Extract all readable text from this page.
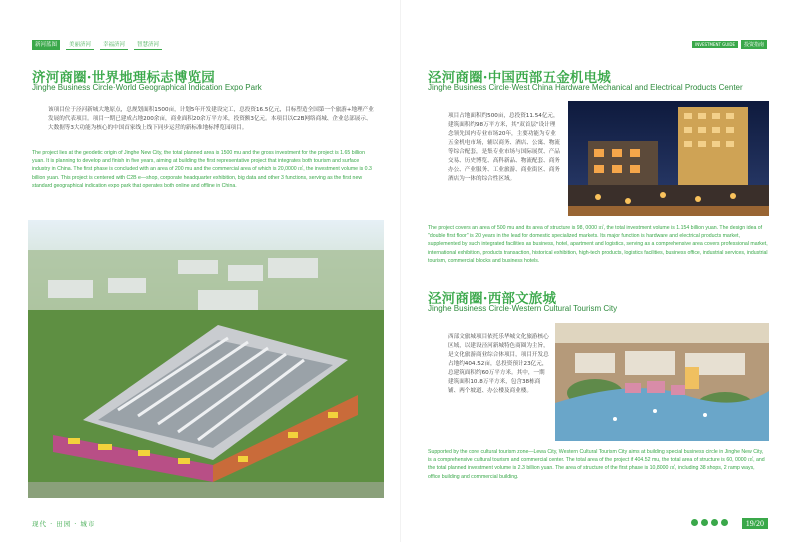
新河蓝图	美丽济河	幸福济河	智慧济河	INVESTMENT GUIDE	投资指南
济河商圈·世界地理标志博览园
Jinghe Business Circle·World Geographical Indication Expo Park
该项目位于泾河新城大地原点，总规划面积1500亩，计划5年开发建设完工，总投资16.5亿元，目标塑造全国第一个旅游+地理产业发展的代表项目。项目一期已建成占地200余亩，商业面积20余万平方米，投资额3亿元。本项目以C2B网络商城、企业总部展示、大数据等3大功能为核心的中国首家线上线下同步运营的新标准地标博览园项目。
The project lies at the geodetic origin of Jinghe New City, the total planned area is 1500 mu and the gross investment for the project is 1.65 billion yuan. It is planning to develop and finish in five years, aiming at building the first representative project that integrates both tourism and surface industry in China. The first phase is concluded with an area of 200 mu and the commercial area of which is 20,0000 ㎡, the investment volume is 0.3 billion yuan. This project is centered with C2B e—shop, corporate headquarter exhibition, big data and other 3 functions, serving as the first new standard geographical indication expo park that operates both online and offline in China.
泾河商圈·中国西部五金机电城
Jinghe Business Circle·West China Hardware Mechanical and Electrical Products Center
项目占地面积约500亩，总投资11.54亿元，建筑面积约98万平方米，其"双首层"设计理念领先国内专业市场20年，主要功能为专业五金机电市场，辅以商务、酒店、公寓、物流等综合配套，是集专业市场与国际展贸、产品交易、历史博览、高科新品、物流配套、商务办公、产业服务、工业旅游、商业街区、商务酒店为一体的综合性区域。
The project covers an area of 500 mu and its area of structure is 98, 0000 ㎡, the total investment volume is 1.154 billion yuan. The design idea of "double first floor" is 20 years in the lead for domestic specialized markets. Its major function is hardware and electrical products market, supplemented by such integrated facilities as business, hotel, apartment and logistics, serving as a comprehensive area covers professional market, international exhibition, products transaction, historical exhibition, high-tech products, logistics facilities, business office, industrial services, industrial tourism, commercial blocks and business hotels.
泾河商圈·西部文旅城
Jinghe Business Circle·Western Cultural Tourism City
西部文旅城项目依托乐华城文化旅游核心区域，以建设泾河新城特色商圈为主旨，是文化旅游商业综合体项目，项目开发总占地约404.52亩，总投资预计23亿元，总建筑面积约60万平方米。其中，一期建筑面积10.8万平方米，包含38栋商铺、两个坡道、办公楼及商业楼。
Supported by the core cultural tourism zone—Lewa City, Western Cultural Tourism City aims at building special business circle in Jinghe New City, is a comprehensive cultural tourism and commercial center. The total area of the project if 404.52 mu, the total area of structure is 60, 0000 ㎡, and the total planned investment volume is 2.3 billion yuan. The area of structure of the first phase is 10,8000 ㎡, including 38 shops, 2 ramp ways, office building and commercial building.
现代 · 田园 · 城市	19/20
